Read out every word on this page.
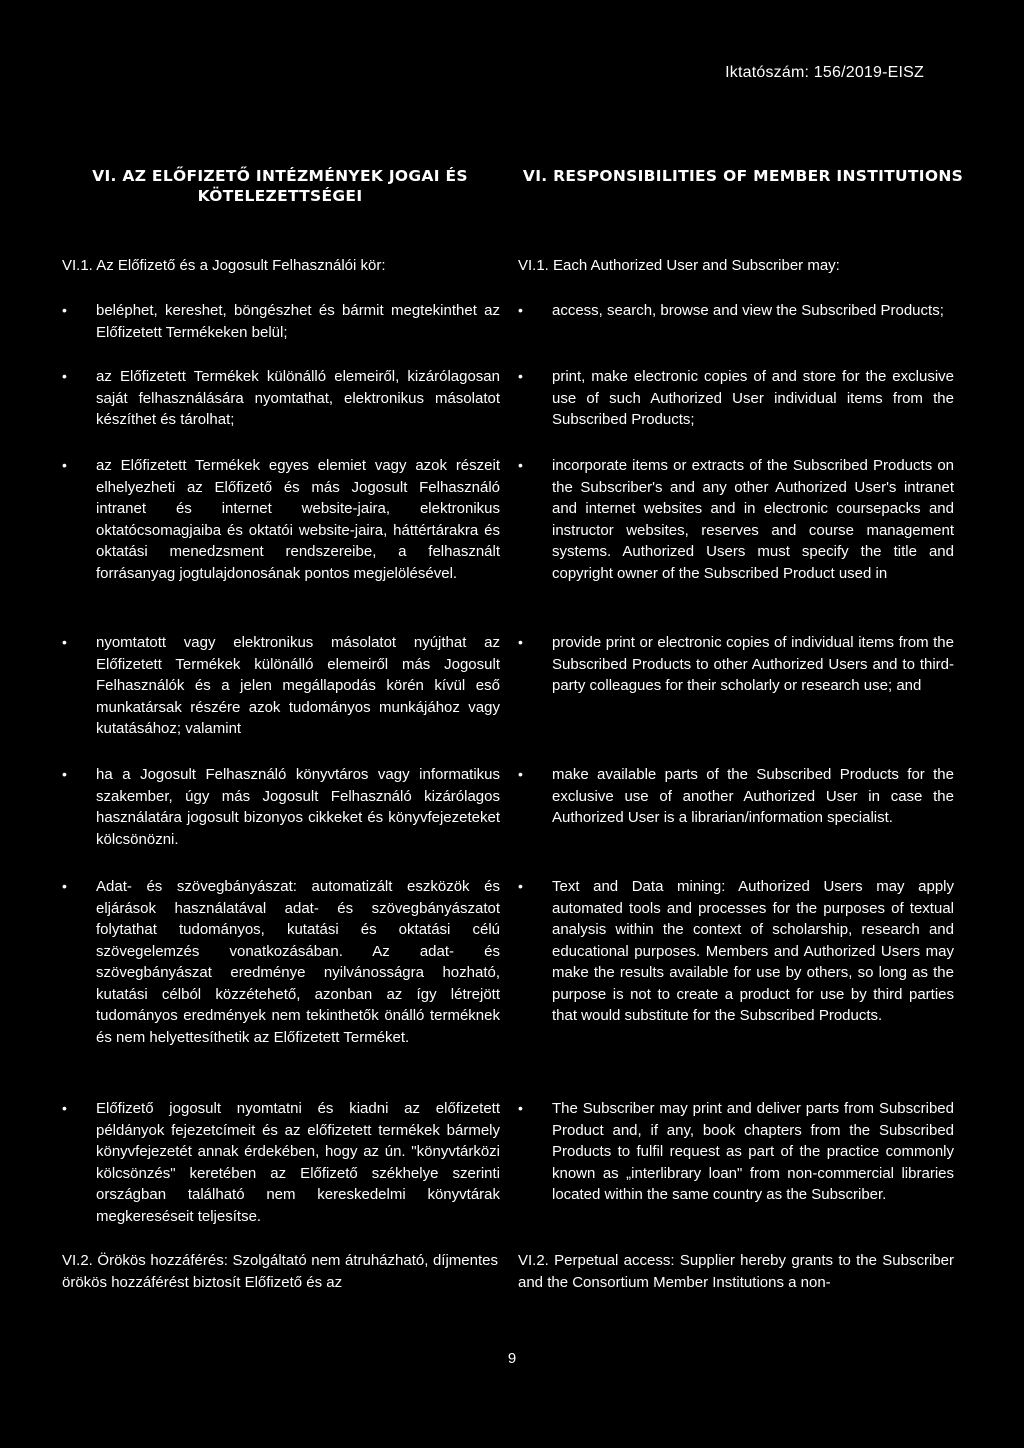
Iktatószám: 156/2019-EISZ
VI. AZ ELŐFIZETŐ INTÉZMÉNYEK JOGAI ÉS KÖTELEZETTSÉGEI
VI. RESPONSIBILITIES OF MEMBER INSTITUTIONS
VI.1. Az Előfizető és a Jogosult Felhasználói kör:	VI.1. Each Authorized User and Subscriber may:
•	beléphet, kereshet, böngészhet és bármit megtekinthet az Előfizetett Termékeken belül;
•	az Előfizetett Termékek különálló elemeiről, kizárólagosan saját felhasználására nyomtathat, elektronikus másolatot készíthet és tárolhat;
•	az Előfizetett Termékek egyes elemiet vagy azok részeit elhelyezheti az Előfizető és más Jogosult Felhasználó intranet és internet website-jaira, elektronikus oktatócsomagjaiba és oktatói website-jaira, háttértárakra és oktatási menedzsment rendszereibe, a felhasznált forrásanyag jogtulajdonosának pontos megjelölésével.
•	nyomtatott vagy elektronikus másolatot nyújthat az Előfizetett Termékek különálló elemeiről más Jogosult Felhasználók és a jelen megállapodás körén kívül eső munkatársak részére azok tudományos munkájához vagy kutatásához; valamint
•	ha a Jogosult Felhasználó könyvtáros vagy informatikus szakember, úgy más Jogosult Felhasználó kizárólagos használatára jogosult bizonyos cikkeket és könyvfejezeteket kölcsönözni.
•	Adat- és szövegbányászat: automatizált eszközök és eljárások használatával adat- és szövegbányászatot folytathat tudományos, kutatási és oktatási célú szövegelemzés vonatkozásában. Az adat- és szövegbányászat eredménye nyilvánosságra hozható, kutatási célból közzétehető, azonban az így létrejött tudományos eredmények nem tekinthetők önálló terméknek és nem helyettesíthetik az Előfizetett Terméket.
•	Előfizető jogosult nyomtatni és kiadni az előfizetett példányok fejezetcímeit és az előfizetett termékek bármely könyvfejezetét annak érdekében, hogy az ún. "könyvtárközi kölcsönzés" keretében az Előfizető székhelye szerinti országban található nem kereskedelmi könyvtárak megkereséseit teljesítse.
•	access, search, browse and view the Subscribed Products;
•	print, make electronic copies of and store for the exclusive use of such Authorized User individual items from the Subscribed Products;
•	incorporate items or extracts of the Subscribed Products on the Subscriber's and any other Authorized User's intranet and internet websites and in electronic coursepacks and instructor websites, reserves and course management systems. Authorized Users must specify the title and copyright owner of the Subscribed Product used in
•	provide print or electronic copies of individual items from the Subscribed Products to other Authorized Users and to third-party colleagues for their scholarly or research use; and
•	make available parts of the Subscribed Products for the exclusive use of another Authorized User in case the Authorized User is a librarian/information specialist.
•	Text and Data mining: Authorized Users may apply automated tools and processes for the purposes of textual analysis within the context of scholarship, research and educational purposes. Members and Authorized Users may make the results available for use by others, so long as the purpose is not to create a product for use by third parties that would substitute for the Subscribed Products.
•	The Subscriber may print and deliver parts from Subscribed Product and, if any, book chapters from the Subscribed Products to fulfil request as part of the practice commonly known as „interlibrary loan" from non-commercial libraries located within the same country as the Subscriber.
VI.2. Örökös hozzáférés: Szolgáltató nem átruházható, díjmentes örökös hozzáférést biztosít Előfizető és az
VI.2. Perpetual access: Supplier hereby grants to the Subscriber and the Consortium Member Institutions a non-
9
